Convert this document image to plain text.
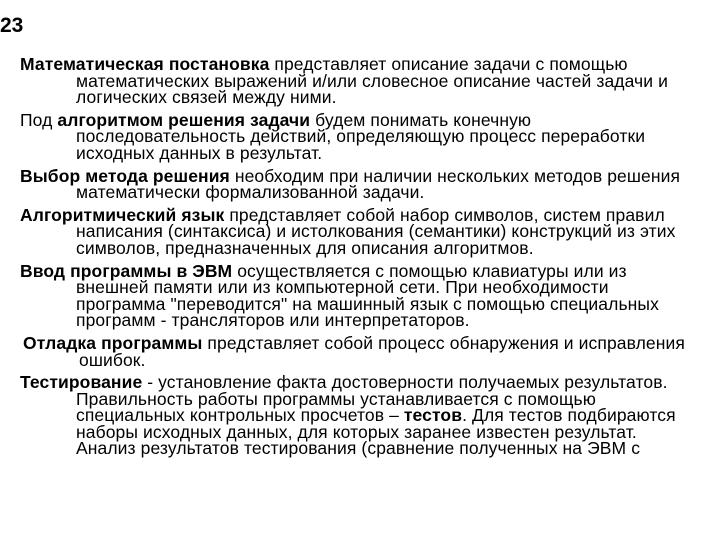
23

Математическая постановка представляет описание задачи с помощью математических выражений и/или словесное описание частей задачи и логических связей между ними.

Под алгоритмом решения задачи будем понимать конечную последовательность действий, определяющую процесс переработки исходных данных в результат.

Выбор метода решения необходим при наличии нескольких методов решения математически формализованной задачи.

Алгоритмический язык представляет собой набор символов, систем правил написания (синтаксиса) и истолкования (семантики) конструкций из этих символов, предназначенных для описания алгоритмов.

Ввод программы в ЭВМ осуществляется с помощью клавиатуры или из внешней памяти или из компьютерной сети. При необходимости программа "переводится" на машинный язык с помощью специальных программ - трансляторов или интерпретаторов.

Отладка программы представляет собой процесс обнаружения и исправления ошибок.

Тестирование - установление факта достоверности получаемых результатов. Правильность работы программы устанавливается с помощью специальных контрольных просчетов – тестов. Для тестов подбираются наборы исходных данных, для которых заранее известен результат. Анализ результатов тестирования (сравнение полученных на ЭВМ с
